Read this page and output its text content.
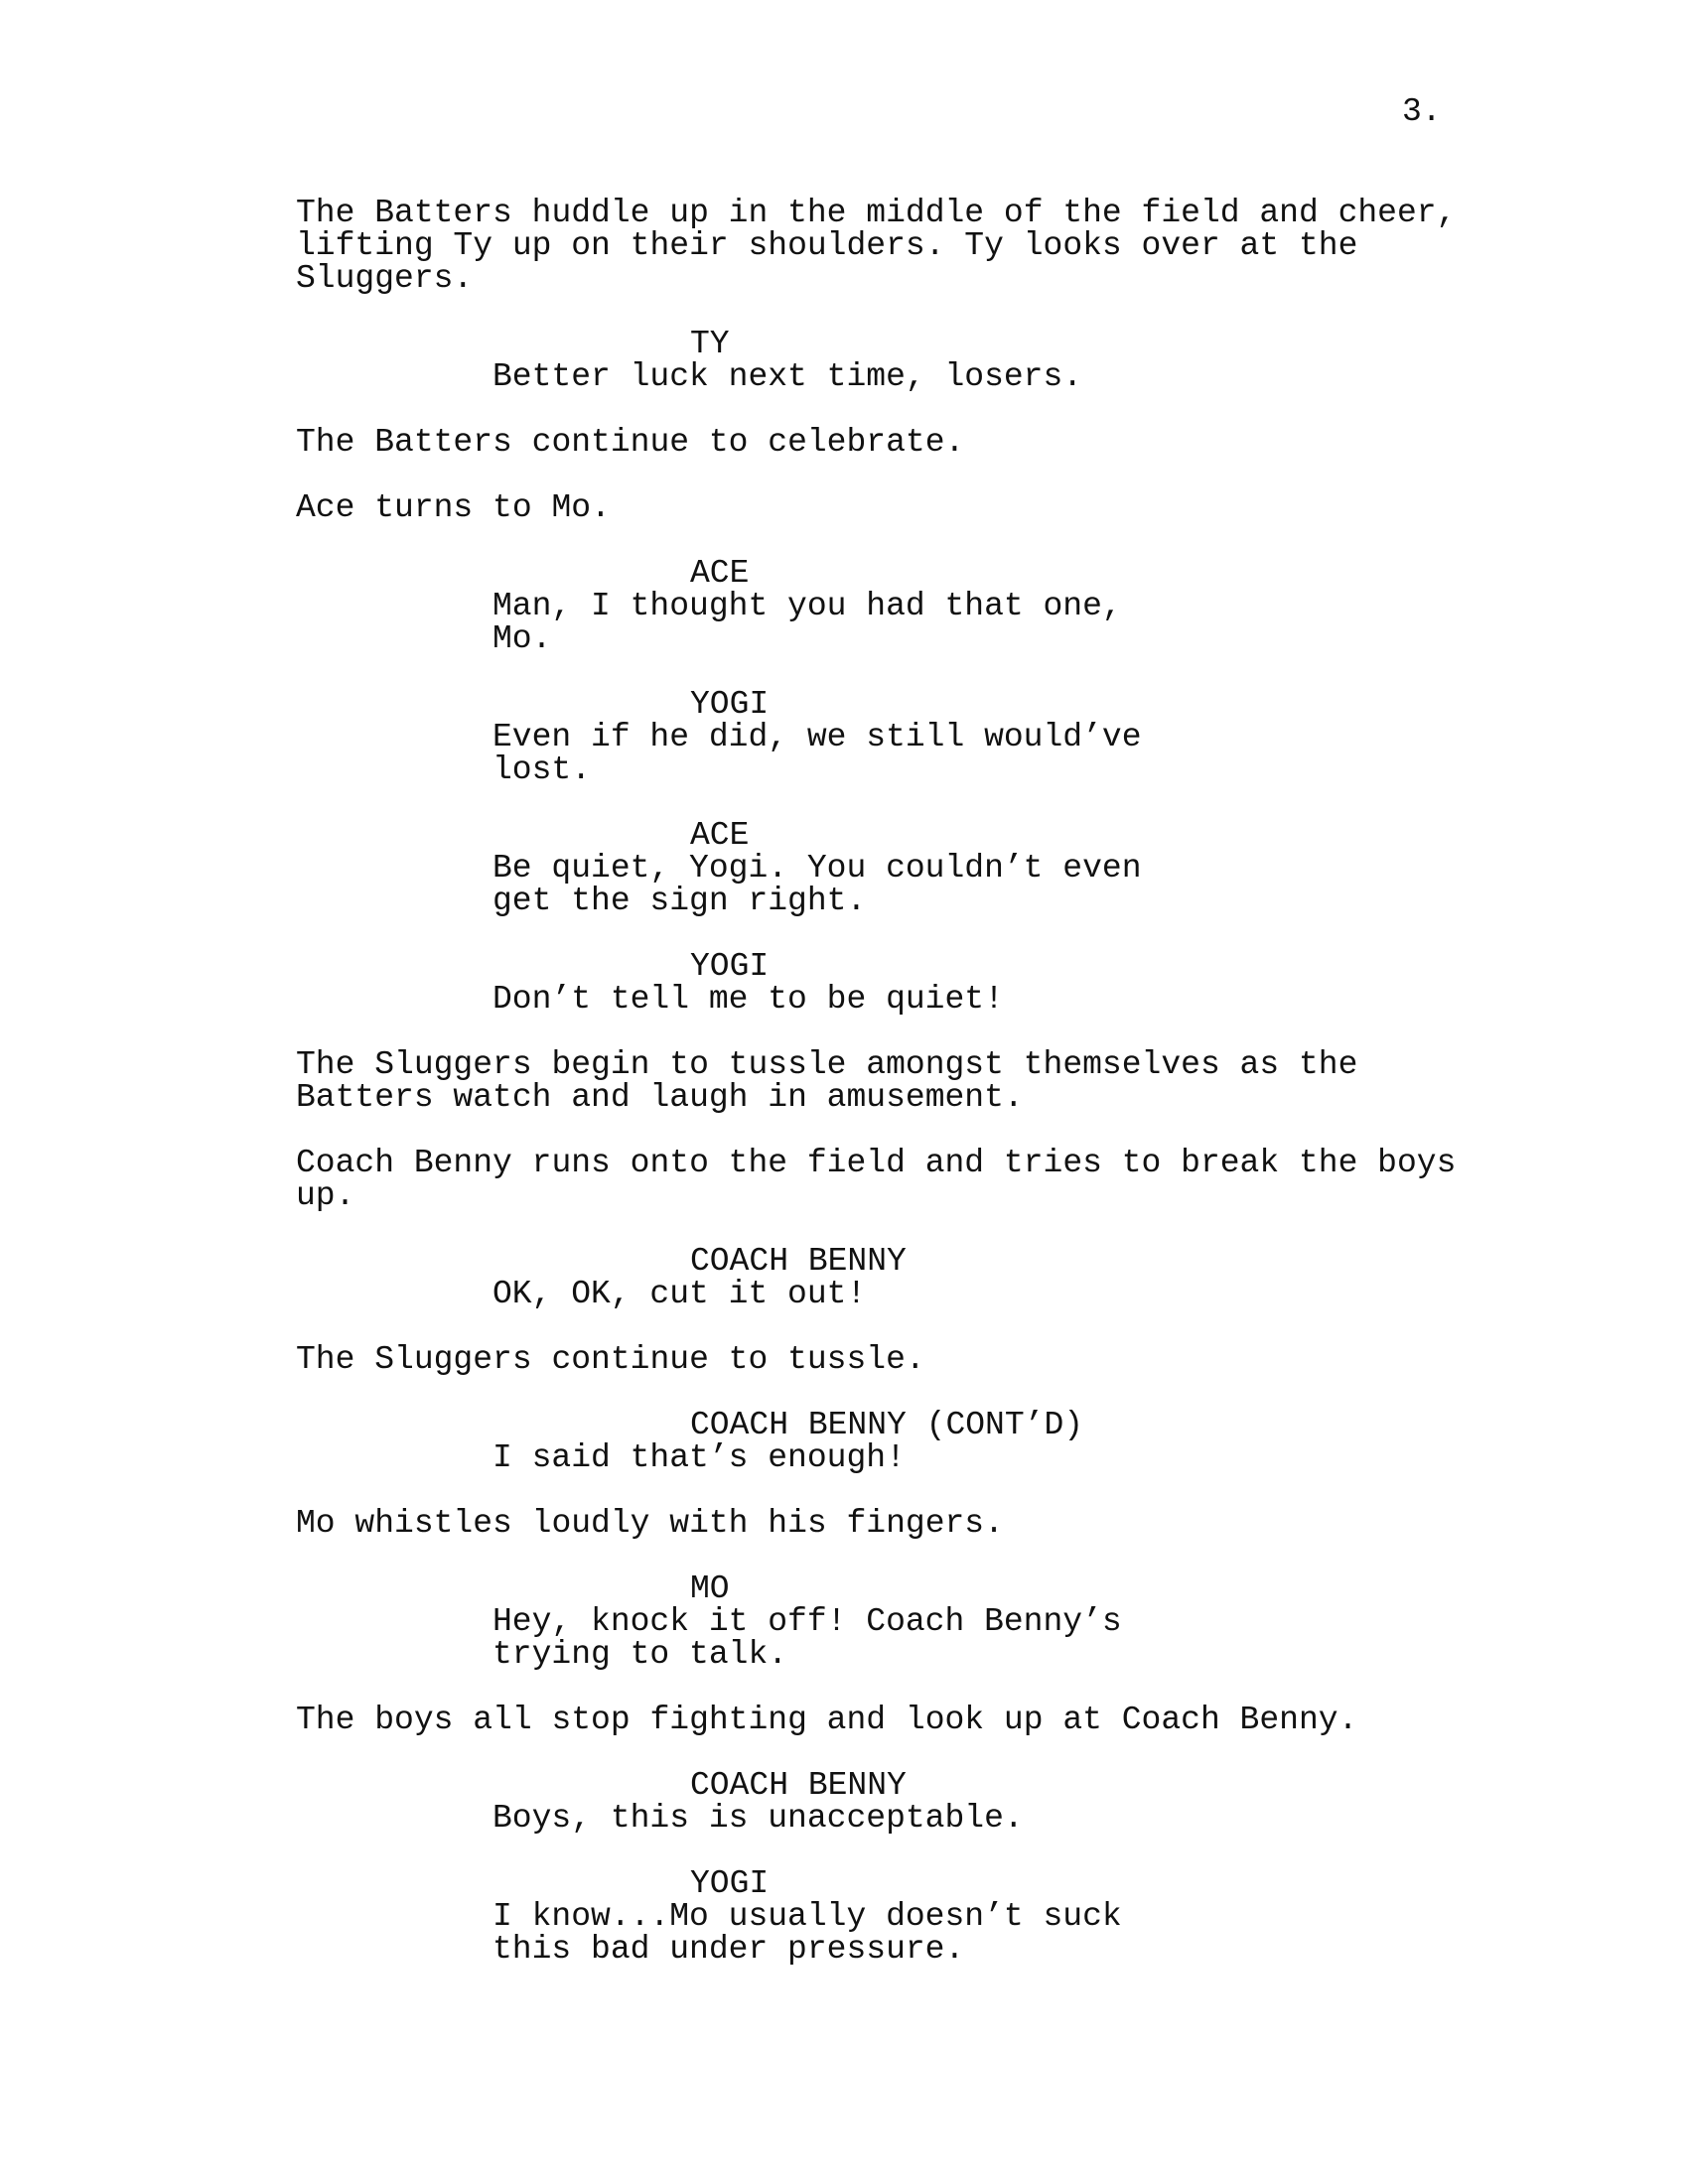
3.
The Batters huddle up in the middle of the field and cheer,
lifting Ty up on their shoulders. Ty looks over at the
Sluggers.
TY
Better luck next time, losers.
The Batters continue to celebrate.
Ace turns to Mo.
ACE
Man, I thought you had that one,
Mo.
YOGI
Even if he did, we still would’ve
lost.
ACE
Be quiet, Yogi. You couldn’t even
get the sign right.
YOGI
Don’t tell me to be quiet!
The Sluggers begin to tussle amongst themselves as the
Batters watch and laugh in amusement.
Coach Benny runs onto the field and tries to break the boys
up.
COACH BENNY
OK, OK, cut it out!
The Sluggers continue to tussle.
COACH BENNY (CONT’D)
I said that’s enough!
Mo whistles loudly with his fingers.
MO
Hey, knock it off! Coach Benny’s
trying to talk.
The boys all stop fighting and look up at Coach Benny.
COACH BENNY
Boys, this is unacceptable.
YOGI
I know...Mo usually doesn’t suck
this bad under pressure.
